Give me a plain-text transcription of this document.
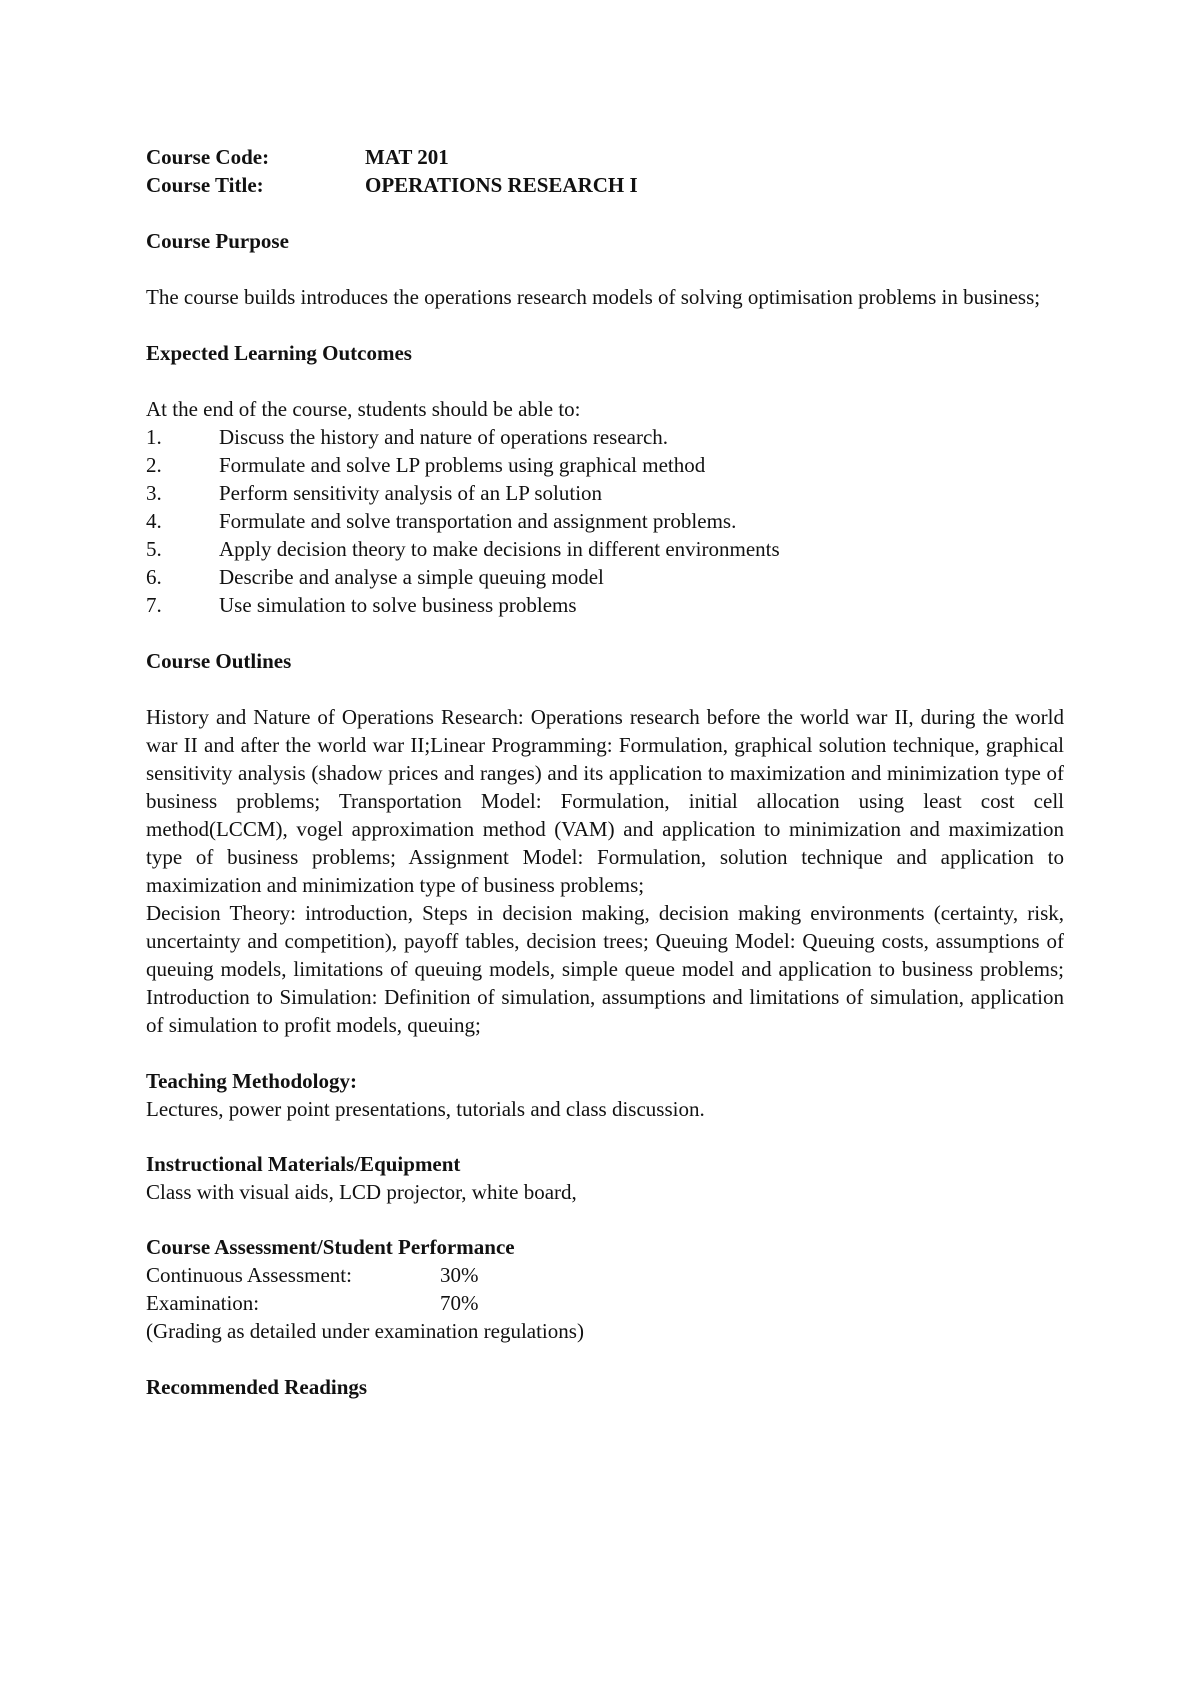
Course Code:	MAT 201
Course Title:	OPERATIONS RESEARCH I
Course Purpose
The course builds introduces the operations research models of solving optimisation problems in business;
Expected Learning Outcomes
At the end of the course, students should be able to:
1.	Discuss the history and nature of operations research.
2.	Formulate and solve LP problems using graphical method
3.	Perform sensitivity analysis of an LP solution
4.	Formulate and solve transportation and assignment problems.
5.	Apply decision theory to make decisions in different environments
6.	Describe and analyse a simple queuing model
7.	Use simulation to solve business problems
Course Outlines
History and Nature of Operations Research: Operations research before the world war II, during the world war II and after the world war II;Linear Programming: Formulation, graphical solution technique, graphical sensitivity analysis (shadow prices and ranges) and its application to maximization and minimization type of business problems; Transportation Model: Formulation, initial allocation using least cost cell method(LCCM), vogel approximation method (VAM) and application to minimization and maximization type of business problems; Assignment Model: Formulation, solution technique and application to maximization and minimization type of business problems;
Decision Theory: introduction, Steps in decision making, decision making environments (certainty, risk, uncertainty and competition), payoff tables, decision trees; Queuing Model: Queuing costs, assumptions of queuing models, limitations of queuing models, simple queue model and application to business problems; Introduction to Simulation: Definition of simulation, assumptions and limitations of simulation, application of simulation to profit models, queuing;
Teaching Methodology:
Lectures, power point presentations, tutorials and class discussion.
Instructional Materials/Equipment
Class with visual aids, LCD projector, white board,
Course Assessment/Student Performance
Continuous Assessment:	30%
Examination:	70%
(Grading as detailed under examination regulations)
Recommended Readings
